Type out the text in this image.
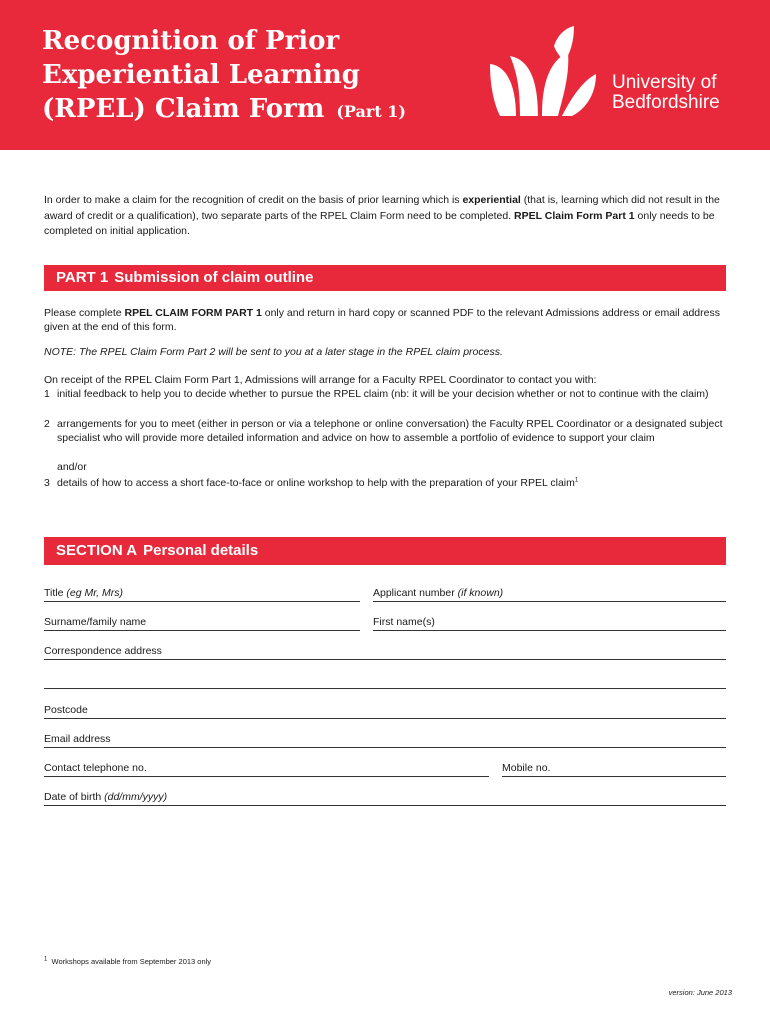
Recognition of Prior
Experiential Learning
(RPEL) Claim Form (Part 1)
University of
Bedfordshire

In order to make a claim for the recognition of credit on the basis of prior learning which is experiential (that is, learning which did not result in the award of credit or a qualification), two separate parts of the RPEL Claim Form need to be completed. RPEL Claim Form Part 1 only needs to be completed on initial application.

PART 1 Submission of claim outline

Please complete RPEL CLAIM FORM PART 1 only and return in hard copy or scanned PDF to the relevant Admissions address or email address given at the end of this form.

NOTE: The RPEL Claim Form Part 2 will be sent to you at a later stage in the RPEL claim process.

On receipt of the RPEL Claim Form Part 1, Admissions will arrange for a Faculty RPEL Coordinator to contact you with:

1 initial feedback to help you to decide whether to pursue the RPEL claim (nb: it will be your decision whether or not to continue with the claim)
2 arrangements for you to meet (either in person or via a telephone or online conversation) the Faculty RPEL Coordinator or a designated subject specialist who will provide more detailed information and advice on how to assemble a portfolio of evidence to support your claim
and/or
3 details of how to access a short face-to-face or online workshop to help with the preparation of your RPEL claim$^1$
SECTION A Personal details
Title (eg Mr, Mrs)	Applicant number (if known)
Surname/family name	First name(s)
Correspondence address
Postcode
Email address
Contact telephone no.	Mobile no.
Date of birth (dd/mm/yyyy)
$^1$ Workshops available from September 2013 only
version: June 2013
